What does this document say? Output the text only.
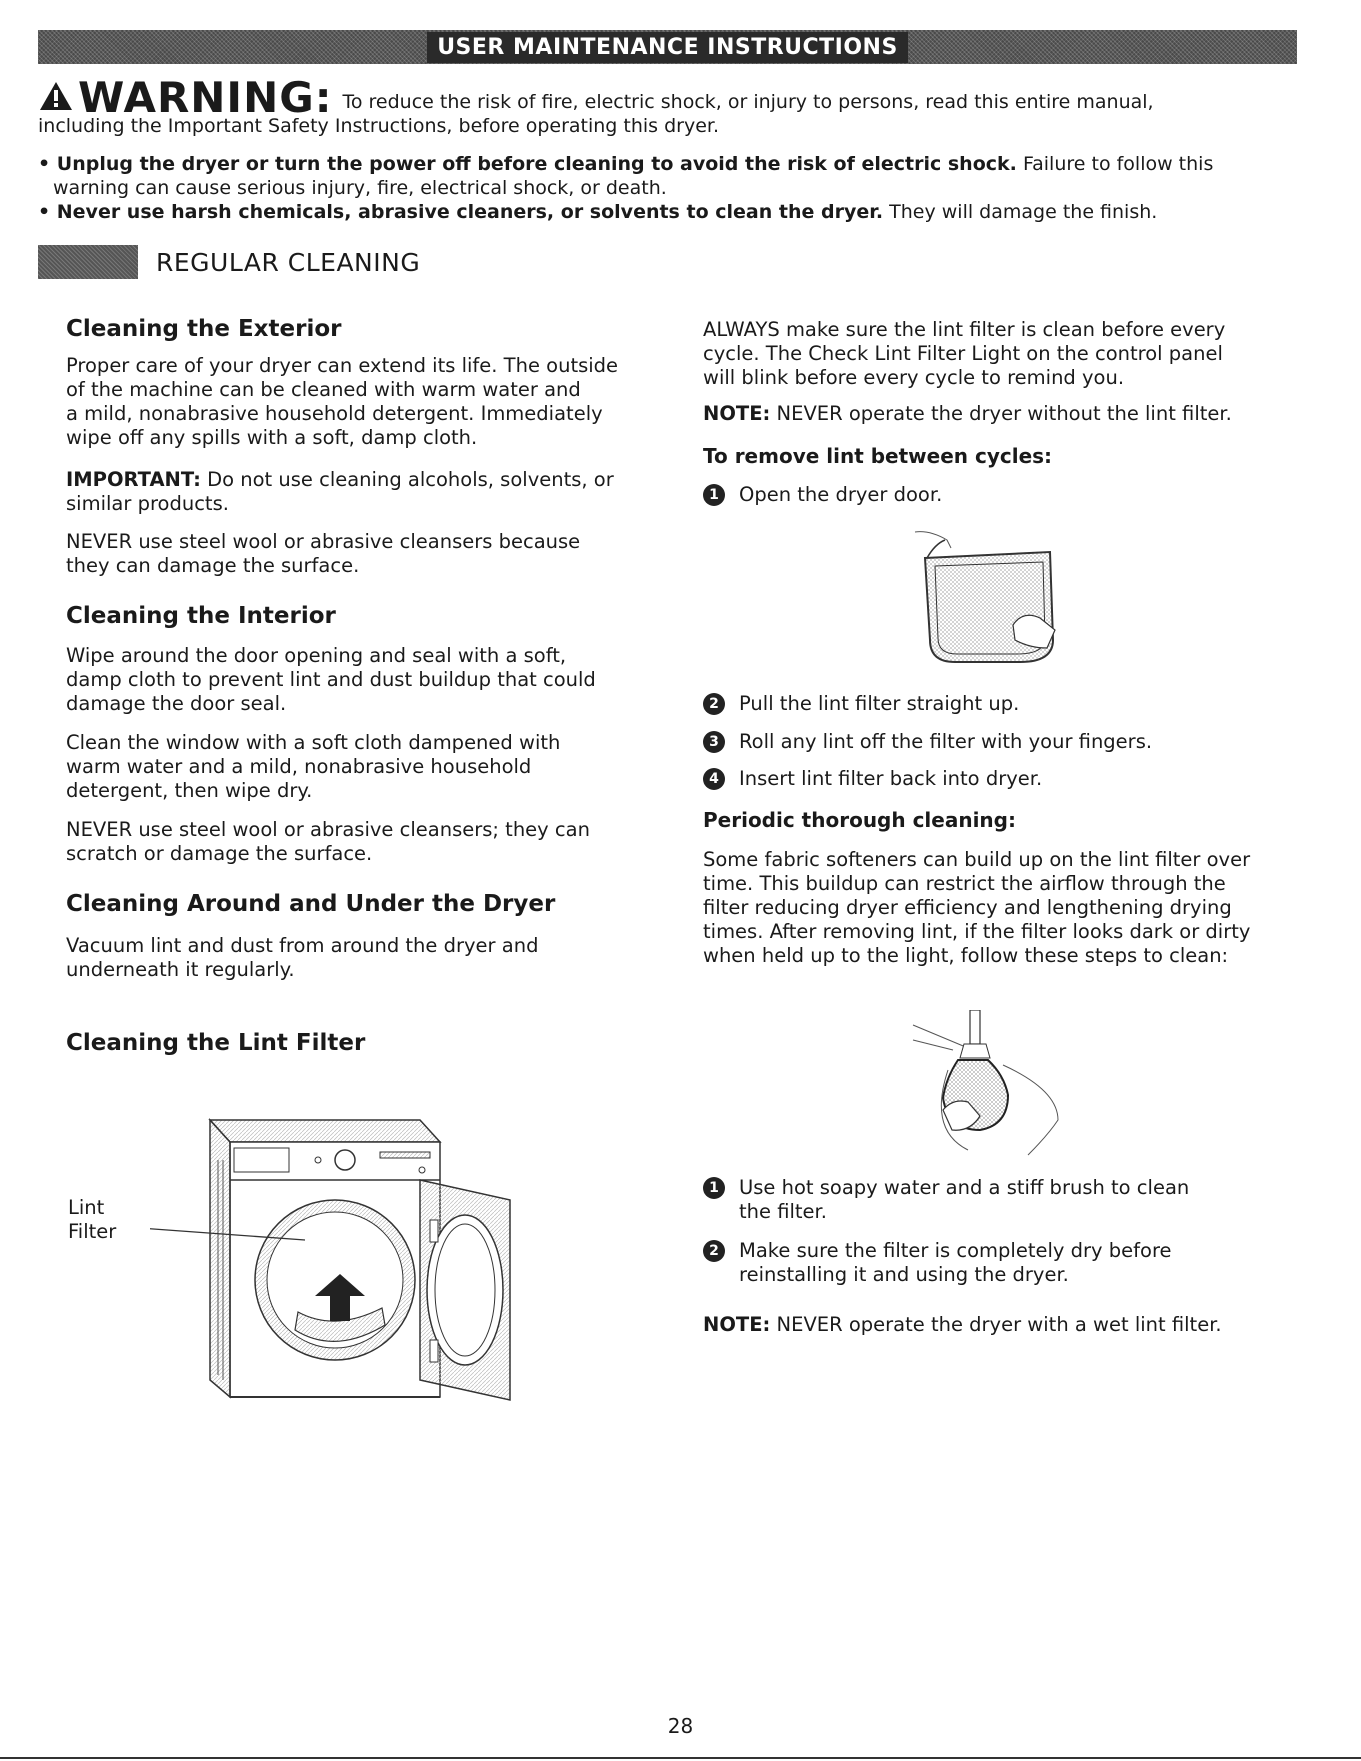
USER MAINTENANCE INSTRUCTIONS
WARNING: To reduce the risk of fire, electric shock, or injury to persons, read this entire manual,
including the Important Safety Instructions, before operating this dryer.
• Unplug the dryer or turn the power off before cleaning to avoid the risk of electric shock. Failure to follow this
warning can cause serious injury, fire, electrical shock, or death.
• Never use harsh chemicals, abrasive cleaners, or solvents to clean the dryer. They will damage the finish.
REGULAR CLEANING
Cleaning the Exterior
Proper care of your dryer can extend its life. The outside
of the machine can be cleaned with warm water and
a mild, nonabrasive household detergent. Immediately
wipe off any spills with a soft, damp cloth.
IMPORTANT: Do not use cleaning alcohols, solvents, or
similar products.
NEVER use steel wool or abrasive cleansers because
they can damage the surface.
Cleaning the Interior
Wipe around the door opening and seal with a soft,
damp cloth to prevent lint and dust buildup that could
damage the door seal.
Clean the window with a soft cloth dampened with
warm water and a mild, nonabrasive household
detergent, then wipe dry.
NEVER use steel wool or abrasive cleansers; they can
scratch or damage the surface.
Cleaning Around and Under the Dryer
Vacuum lint and dust from around the dryer and
underneath it regularly.
Cleaning the Lint Filter
Lint
Filter
ALWAYS make sure the lint filter is clean before every
cycle. The Check Lint Filter Light on the control panel
will blink before every cycle to remind you.
NOTE: NEVER operate the dryer without the lint filter.
To remove lint between cycles:
1	Open the dryer door.
2	Pull the lint filter straight up.
3	Roll any lint off the filter with your fingers.
4	Insert lint filter back into dryer.
Periodic thorough cleaning:
Some fabric softeners can build up on the lint filter over
time. This buildup can restrict the airflow through the
filter reducing dryer efficiency and lengthening drying
times. After removing lint, if the filter looks dark or dirty
when held up to the light, follow these steps to clean:
1	Use hot soapy water and a stiff brush to clean
the filter.
2	Make sure the filter is completely dry before
reinstalling it and using the dryer.
NOTE: NEVER operate the dryer with a wet lint filter.
28
